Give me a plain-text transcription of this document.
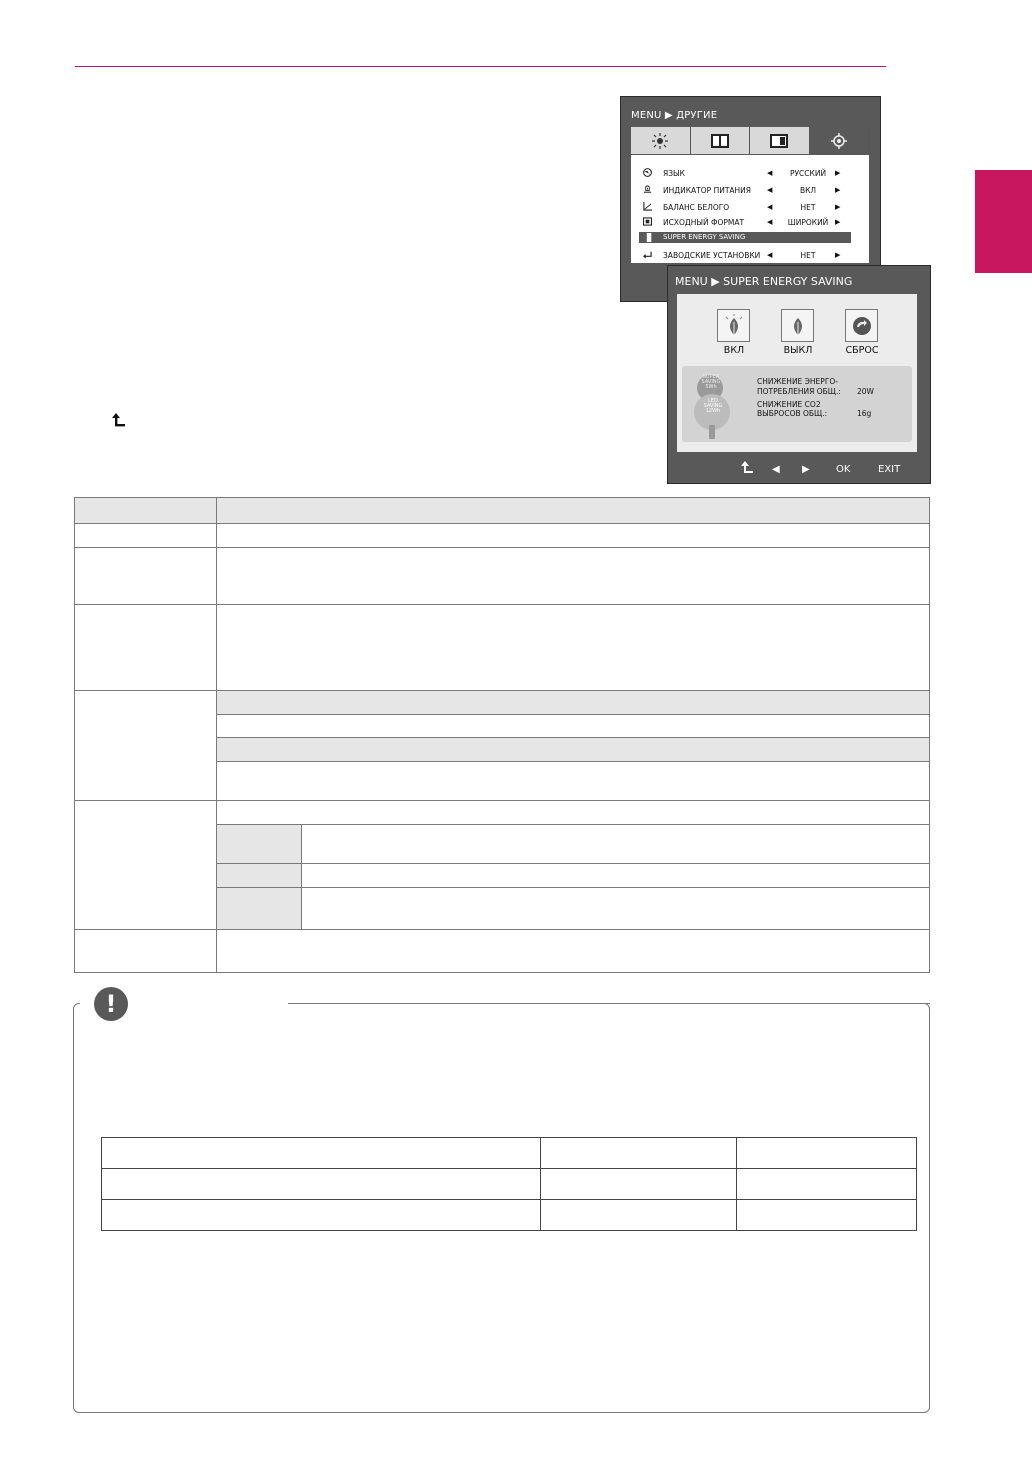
MENU ▶ ДРУГИЕ
ЯЗЫК	◀	РУССКИЙ	▶
ИНДИКАТОР ПИТАНИЯ ◀	ВКЛ	▶
БАЛАНС БЕЛОГО	◀	НЕТ	▶
ИСХОДНЫЙ ФОРМАТ	◀	ШИРОКИЙ ▶
SUPER ENERGY SAVING
ЗАВОДСКИЕ УСТАНОВКИ ◀	НЕТ	▶
MENU ▶ SUPER ENERGY SAVING
ВКЛ	ВЫКЛ	СБРОС
SUPER SAVING 5Wh
LED SAVING 12Wh
СНИЖЕНИЕ ЭНЕРГО-
ПОТРЕБЛЕНИЯ ОБЩ.: 20W
СНИЖЕНИЕ CO2
ВЫБРОСОВ ОБЩ.:	16g
◀ ▶	OK	EXIT

!
